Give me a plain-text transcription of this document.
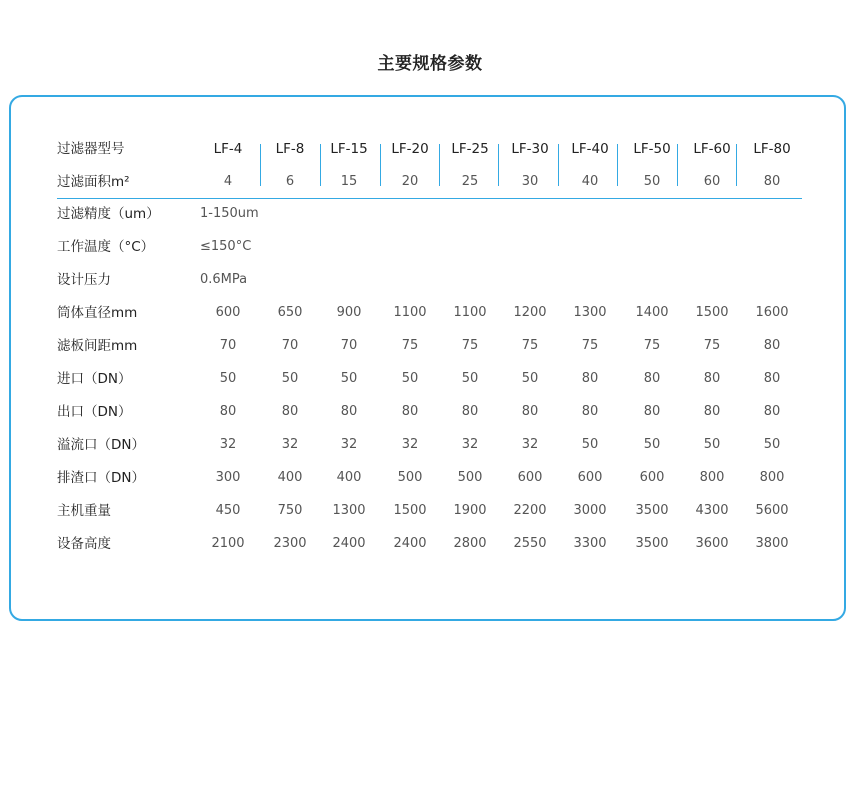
主要规格参数
过滤器型号	LF-4	LF-8	LF-15	LF-20	LF-25	LF-30	LF-40	LF-50	LF-60	LF-80
过滤面积m²	4	6	15	20	25	30	40	50	60	80
过滤精度（um）	1-150um
工作温度（°C）	≤150°C
设计压力	0.6MPa
筒体直径mm	600	650	900	1100	1100	1200	1300	1400	1500	1600
滤板间距mm	70	70	70	75	75	75	75	75	75	80
进口（DN）	50	50	50	50	50	50	80	80	80	80
出口（DN）	80	80	80	80	80	80	80	80	80	80
溢流口（DN）	32	32	32	32	32	32	50	50	50	50
排渣口（DN）	300	400	400	500	500	600	600	600	800	800
主机重量	450	750	1300	1500	1900	2200	3000	3500	4300	5600
设备高度	2100	2300	2400	2400	2800	2550	3300	3500	3600	3800
